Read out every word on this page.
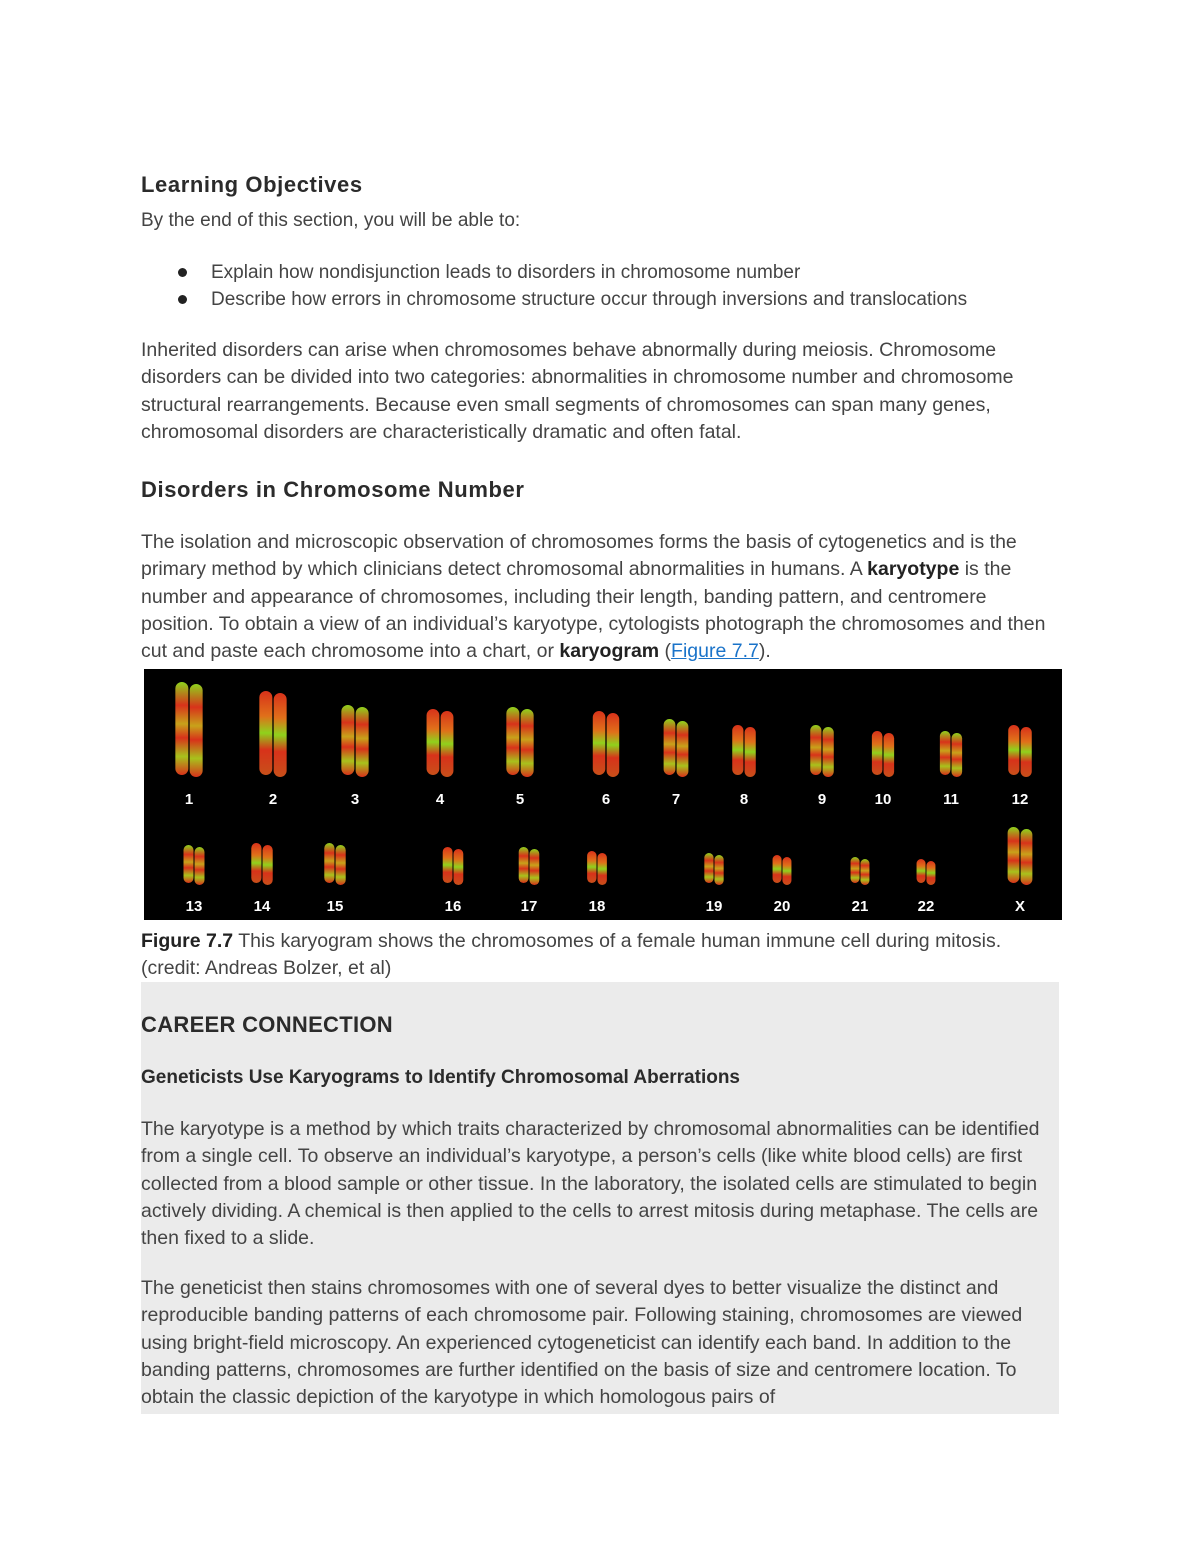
Learning Objectives

By the end of this section, you will be able to:

Explain how nondisjunction leads to disorders in chromosome number
Describe how errors in chromosome structure occur through inversions and translocations

Inherited disorders can arise when chromosomes behave abnormally during meiosis. Chromosome disorders can be divided into two categories: abnormalities in chromosome number and chromosome structural rearrangements. Because even small segments of chromosomes can span many genes, chromosomal disorders are characteristically dramatic and often fatal.

Disorders in Chromosome Number

The isolation and microscopic observation of chromosomes forms the basis of cytogenetics and is the primary method by which clinicians detect chromosomal abnormalities in humans. A karyotype is the number and appearance of chromosomes, including their length, banding pattern, and centromere position. To obtain a view of an individual’s karyotype, cytologists photograph the chromosomes and then cut and paste each chromosome into a chart, or karyogram (Figure 7.7).

1	2	3	4	5	6	7	8	9	10	11	12
13	14	15	16	17	18	19	20	21	22	X

Figure 7.7 This karyogram shows the chromosomes of a female human immune cell during mitosis. (credit: Andreas Bolzer, et al)

CAREER CONNECTION
Geneticists Use Karyograms to Identify Chromosomal Aberrations

The karyotype is a method by which traits characterized by chromosomal abnormalities can be identified from a single cell. To observe an individual’s karyotype, a person’s cells (like white blood cells) are first collected from a blood sample or other tissue. In the laboratory, the isolated cells are stimulated to begin actively dividing. A chemical is then applied to the cells to arrest mitosis during metaphase. The cells are then fixed to a slide.

The geneticist then stains chromosomes with one of several dyes to better visualize the distinct and reproducible banding patterns of each chromosome pair. Following staining, chromosomes are viewed using bright-field microscopy. An experienced cytogeneticist can identify each band. In addition to the banding patterns, chromosomes are further identified on the basis of size and centromere location. To obtain the classic depiction of the karyotype in which homologous pairs of
